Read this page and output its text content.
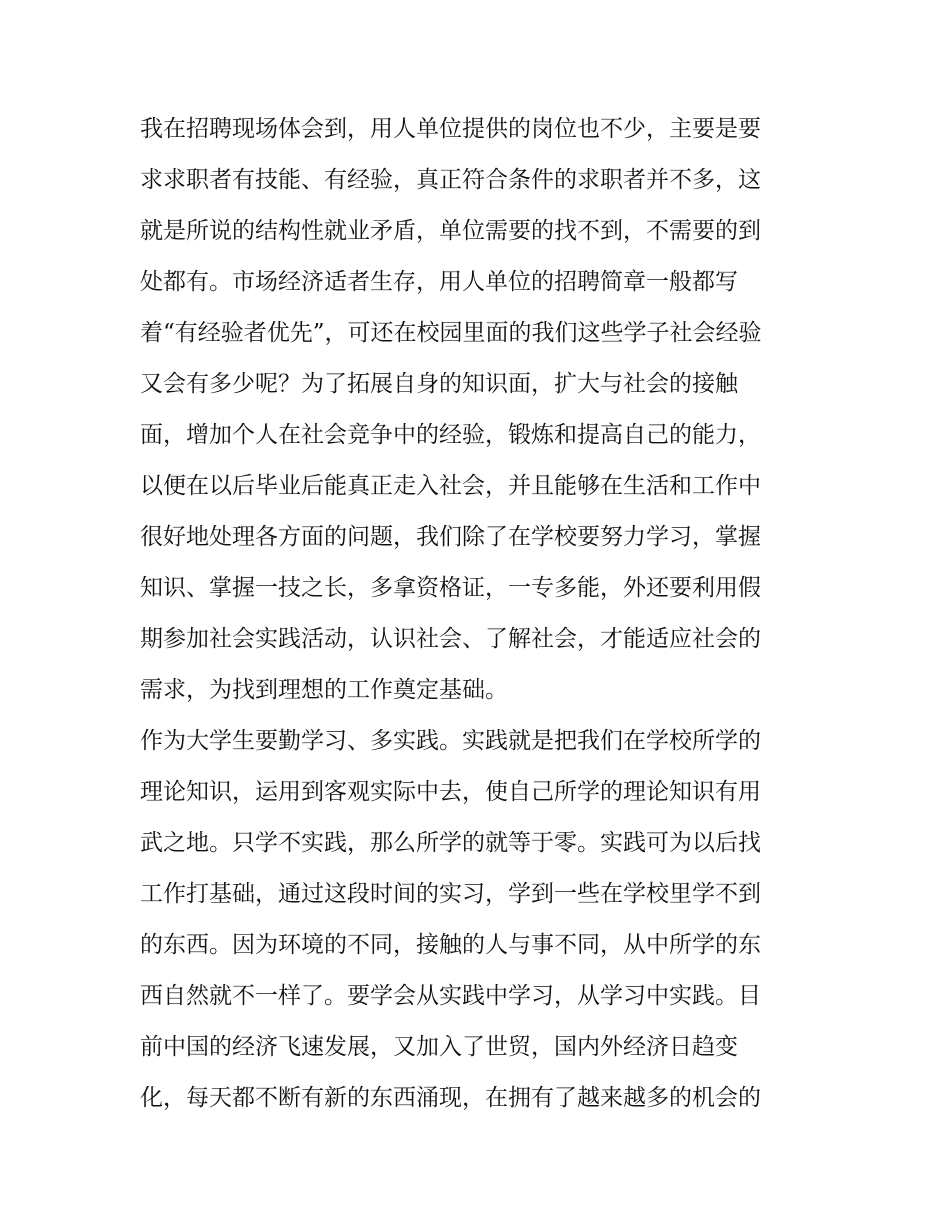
我在招聘现场体会到，用人单位提供的岗位也不少，主要是要
求求职者有技能、有经验，真正符合条件的求职者并不多，这
就是所说的结构性就业矛盾，单位需要的找不到，不需要的到
处都有。市场经济适者生存，用人单位的招聘简章一般都写
着“有经验者优先”，可还在校园里面的我们这些学子社会经验
又会有多少呢？为了拓展自身的知识面，扩大与社会的接触
面，增加个人在社会竞争中的经验，锻炼和提高自己的能力，
以便在以后毕业后能真正走入社会，并且能够在生活和工作中
很好地处理各方面的问题，我们除了在学校要努力学习，掌握
知识、掌握一技之长，多拿资格证，一专多能，外还要利用假
期参加社会实践活动，认识社会、了解社会，才能适应社会的
需求，为找到理想的工作奠定基础。
作为大学生要勤学习、多实践。实践就是把我们在学校所学的
理论知识，运用到客观实际中去，使自己所学的理论知识有用
武之地。只学不实践，那么所学的就等于零。实践可为以后找
工作打基础，通过这段时间的实习，学到一些在学校里学不到
的东西。因为环境的不同，接触的人与事不同，从中所学的东
西自然就不一样了。要学会从实践中学习，从学习中实践。目
前中国的经济飞速发展，又加入了世贸，国内外经济日趋变
化，每天都不断有新的东西涌现，在拥有了越来越多的机会的
